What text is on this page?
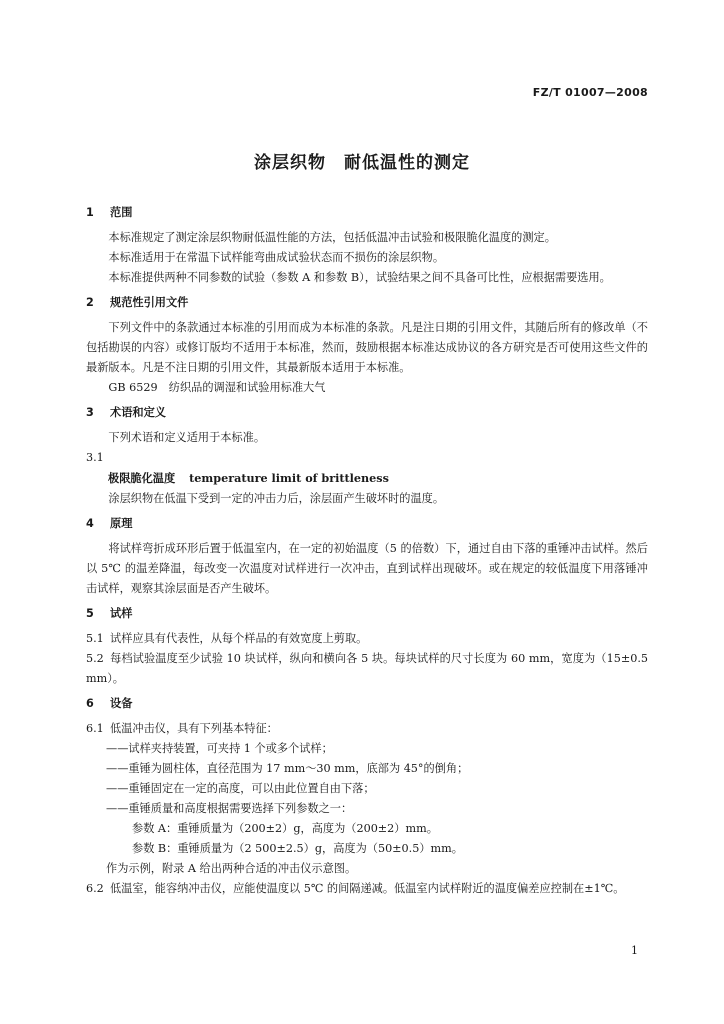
FZ/T 01007—2008
涂层织物　耐低温性的测定

1 范围

本标准规定了测定涂层织物耐低温性能的方法，包括低温冲击试验和极限脆化温度的测定。

本标准适用于在常温下试样能弯曲成试验状态而不损伤的涂层织物。

本标准提供两种不同参数的试验（参数 A 和参数 B），试验结果之间不具备可比性，应根据需要选用。

2 规范性引用文件

下列文件中的条款通过本标准的引用而成为本标准的条款。凡是注日期的引用文件，其随后所有的修改单（不包括勘误的内容）或修订版均不适用于本标准，然而，鼓励根据本标准达成协议的各方研究是否可使用这些文件的最新版本。凡是不注日期的引用文件，其最新版本适用于本标准。

GB 6529　纺织品的调湿和试验用标准大气

3 术语和定义

下列术语和定义适用于本标准。

3.1

极限脆化温度 temperature limit of brittleness

涂层织物在低温下受到一定的冲击力后，涂层面产生破坏时的温度。

4 原理

将试样弯折成环形后置于低温室内，在一定的初始温度（5 的倍数）下，通过自由下落的重锤冲击试样。然后以 5℃ 的温差降温，每改变一次温度对试样进行一次冲击，直到试样出现破坏。或在规定的较低温度下用落锤冲击试样，观察其涂层面是否产生破坏。

5 试样

5.1 试样应具有代表性，从每个样品的有效宽度上剪取。

5.2 每档试验温度至少试验 10 块试样，纵向和横向各 5 块。每块试样的尺寸长度为 60 mm，宽度为（15±0.5 mm）。

6 设备

6.1 低温冲击仪，具有下列基本特征：

——试样夹持装置，可夹持 1 个或多个试样；

——重锤为圆柱体，直径范围为 17 mm～30 mm，底部为 45°的倒角；

——重锤固定在一定的高度，可以由此位置自由下落；

——重锤质量和高度根据需要选择下列参数之一：

参数 A：重锤质量为（200±2）g，高度为（200±2）mm。

参数 B：重锤质量为（2 500±2.5）g，高度为（50±0.5）mm。

作为示例，附录 A 给出两种合适的冲击仪示意图。

6.2 低温室，能容纳冲击仪，应能使温度以 5℃ 的间隔递减。低温室内试样附近的温度偏差应控制在±1℃。

1
